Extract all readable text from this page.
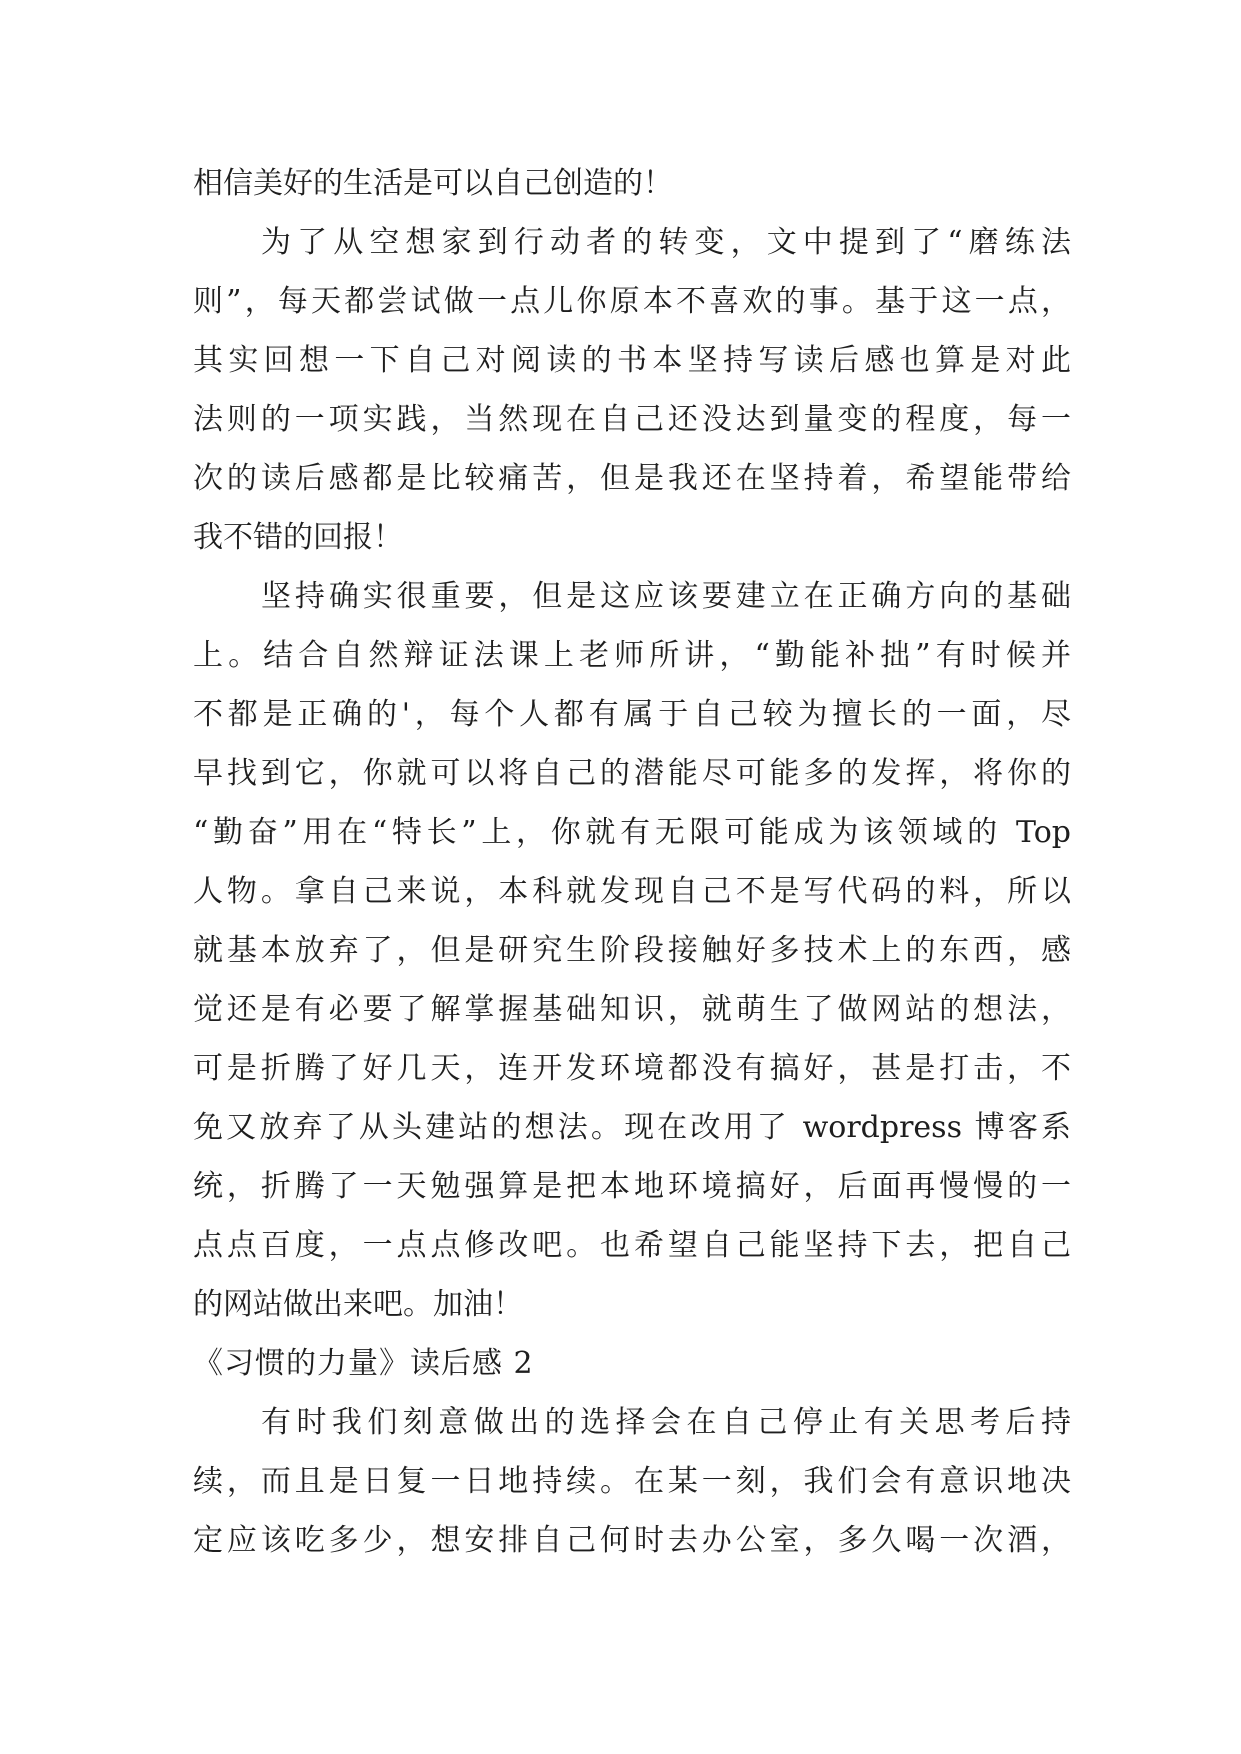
相信美好的生活是可以自己创造的！
为了从空想家到行动者的转变，文中提到了“磨练法
则”，每天都尝试做一点儿你原本不喜欢的事。基于这一点，
其实回想一下自己对阅读的书本坚持写读后感也算是对此
法则的一项实践，当然现在自己还没达到量变的程度，每一
次的读后感都是比较痛苦，但是我还在坚持着，希望能带给
我不错的回报！
坚持确实很重要，但是这应该要建立在正确方向的基础
上。结合自然辩证法课上老师所讲，“勤能补拙”有时候并
不都是正确的'，每个人都有属于自己较为擅长的一面，尽
早找到它，你就可以将自己的潜能尽可能多的发挥，将你的
“勤奋”用在“特长”上，你就有无限可能成为该领域的 Top
人物。拿自己来说，本科就发现自己不是写代码的料，所以
就基本放弃了，但是研究生阶段接触好多技术上的东西，感
觉还是有必要了解掌握基础知识，就萌生了做网站的想法，
可是折腾了好几天，连开发环境都没有搞好，甚是打击，不
免又放弃了从头建站的想法。现在改用了 wordpress 博客系
统，折腾了一天勉强算是把本地环境搞好，后面再慢慢的一
点点百度，一点点修改吧。也希望自己能坚持下去，把自己
的网站做出来吧。加油！
《习惯的力量》读后感 2
有时我们刻意做出的选择会在自己停止有关思考后持
续，而且是日复一日地持续。在某一刻，我们会有意识地决
定应该吃多少，想安排自己何时去办公室，多久喝一次酒，
